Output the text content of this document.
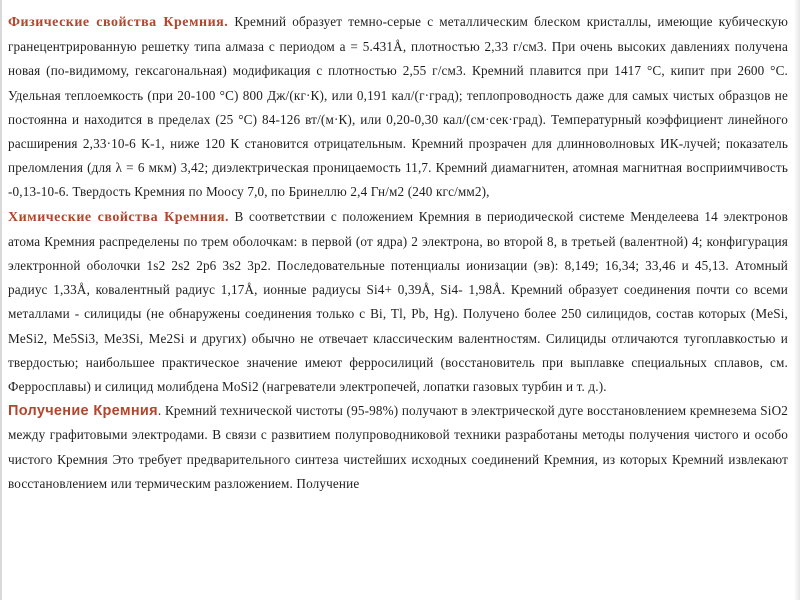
Физические свойства Кремния. Кремний образует темно-серые с металлическим блеском кристаллы, имеющие кубическую гранецентрированную решетку типа алмаза с периодом а = 5.431Å, плотностью 2,33 г/см3. При очень высоких давлениях получена новая (по-видимому, гексагональная) модификация с плотностью 2,55 г/см3. Кремний плавится при 1417 °С, кипит при 2600 °С. Удельная теплоемкость (при 20-100 °С) 800 Дж/(кг·К), или 0,191 кал/(г·град); теплопроводность даже для самых чистых образцов не постоянна и находится в пределах (25 °С) 84-126 вт/(м·К), или 0,20-0,30 кал/(см·сек·град). Температурный коэффициент линейного расширения 2,33·10-6 К-1, ниже 120 К становится отрицательным. Кремний прозрачен для длинноволновых ИК-лучей; показатель преломления (для λ = 6 мкм) 3,42; диэлектрическая проницаемость 11,7. Кремний диамагнитен, атомная магнитная восприимчивость -0,13-10-6. Твердость Кремния по Моосу 7,0, по Бринеллю 2,4 Гн/м2 (240 кгс/мм2),

Химические свойства Кремния. В соответствии с положением Кремния в периодической системе Менделеева 14 электронов атома Кремния распределены по трем оболочкам: в первой (от ядра) 2 электрона, во второй 8, в третьей (валентной) 4; конфигурация электронной оболочки 1s2 2s2 2p6 3s2 3p2. Последовательные потенциалы ионизации (эв): 8,149; 16,34; 33,46 и 45,13. Атомный радиус 1,33Å, ковалентный радиус 1,17Å, ионные радиусы Si4+ 0,39Å, Si4- 1,98Å. Кремний образует соединения почти со всеми металлами - силициды (не обнаружены соединения только с Bi, Tl, Pb, Hg). Получено более 250 силицидов, состав которых (MeSi, MeSi2, Me5Si3, Me3Si, Me2Si и других) обычно не отвечает классическим валентностям. Силициды отличаются тугоплавкостью и твердостью; наибольшее практическое значение имеют ферросилиций (восстановитель при выплавке специальных сплавов, см. Ферросплавы) и силицид молибдена MoSi2 (нагреватели электропечей, лопатки газовых турбин и т. д.).

Получение Кремния. Кремний технической чистоты (95-98%) получают в электрической дуге восстановлением кремнезема SiO2 между графитовыми электродами. В связи с развитием полупроводниковой техники разработаны методы получения чистого и особо чистого Кремния Это требует предварительного синтеза чистейших исходных соединений Кремния, из которых Кремний извлекают восстановлением или термическим разложением. Получение
